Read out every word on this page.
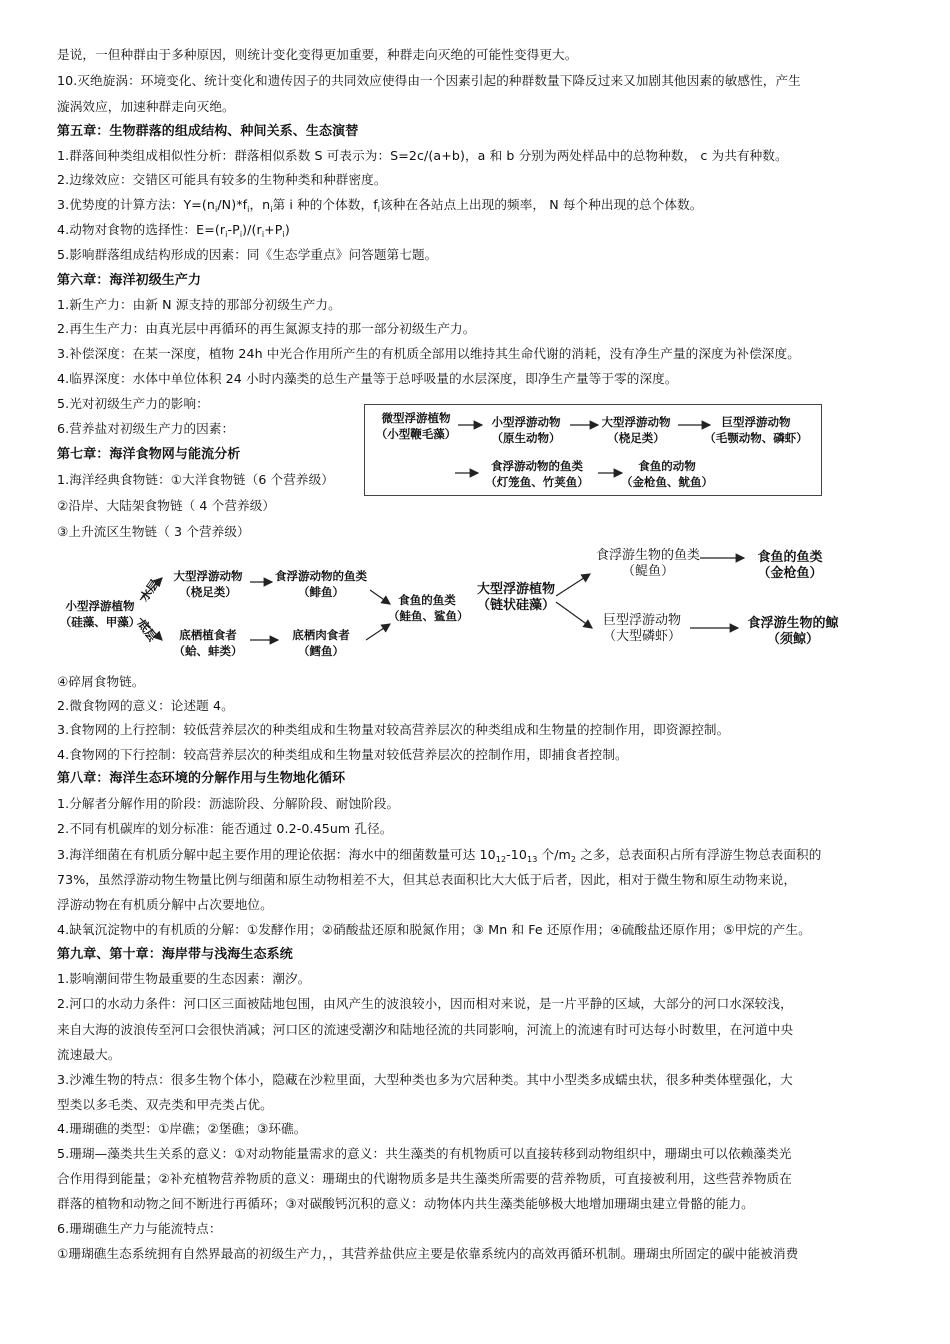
是说，一但种群由于多种原因，则统计变化变得更加重要，种群走向灭绝的可能性变得更大。

10.灭绝旋涡：环境变化、统计变化和遗传因子的共同效应使得由一个因素引起的种群数量下降反过来又加剧其他因素的敏感性，产生

漩涡效应，加速种群走向灭绝。

第五章：生物群落的组成结构、种间关系、生态演替

1.群落间种类组成相似性分析：群落相似系数 S 可表示为：S=2c/(a+b)，a 和 b 分别为两处样品中的总物种数， c 为共有种数。

2.边缘效应：交错区可能具有较多的生物种类和种群密度。

3.优势度的计算方法：$Y=(n_i/N)*f_i$，$n_i$第 i 种的个体数，$f_i$该种在各站点上出现的频率， N 每个种出现的总个体数。

4.动物对食物的选择性：$E=(r_i-P_i)/(r_i+P_i)$

5.影响群落组成结构形成的因素：同《生态学重点》问答题第七题。

第六章：海洋初级生产力

1.新生产力：由新 N 源支持的那部分初级生产力。

2.再生生产力：由真光层中再循环的再生氮源支持的那一部分初级生产力。

3.补偿深度：在某一深度，植物 24h 中光合作用所产生的有机质全部用以维持其生命代谢的消耗，没有净生产量的深度为补偿深度。

4.临界深度：水体中单位体积 24 小时内藻类的总生产量等于总呼吸量的水层深度，即净生产量等于零的深度。

5.光对初级生产力的影响：

6.营养盐对初级生产力的因素：

第七章：海洋食物网与能流分析

1.海洋经典食物链：①大洋食物链（6 个营养级）

②沿岸、大陆架食物链（ 4 个营养级）

③上升流区生物链（ 3 个营养级）

微型浮游植物
（小型鞭毛藻）
小型浮游动物
（原生动物）
大型浮游动物
（桡足类）
巨型浮游动物
（毛颚动物、磷虾）
食浮游动物的鱼类
（灯笼鱼、竹荚鱼）
食鱼的动物
（金枪鱼、鱿鱼）
小型浮游植物
（硅藻、甲藻）
水层
底层
大型浮游动物
（桡足类）
食浮游动物的鱼类
（鲱鱼）
底栖植食者
（蛤、蚌类）
底栖肉食者
（鳕鱼）
食鱼的鱼类
（鲑鱼、鲨鱼）
大型浮游植物
（链状硅藻）
食浮游生物的鱼类
（鳀鱼）
食鱼的鱼类
（金枪鱼）
巨型浮游动物
（大型磷虾）
食浮游生物的鲸
（须鲸）

④碎屑食物链。

2.微食物网的意义：论述题 4。

3.食物网的上行控制：较低营养层次的种类组成和生物量对较高营养层次的种类组成和生物量的控制作用，即资源控制。

4.食物网的下行控制：较高营养层次的种类组成和生物量对较低营养层次的控制作用，即捕食者控制。

第八章：海洋生态环境的分解作用与生物地化循环

1.分解者分解作用的阶段：沥滤阶段、分解阶段、耐蚀阶段。

2.不同有机碳库的划分标准：能否通过 0.2-0.45um 孔径。

3.海洋细菌在有机质分解中起主要作用的理论依据：海水中的细菌数量可达 $10_{12}-10_{13}$ 个$/m_2$ 之多，总表面积占所有浮游生物总表面积的

73%，虽然浮游动物生物量比例与细菌和原生动物相差不大，但其总表面积比大大低于后者，因此，相对于微生物和原生动物来说，

浮游动物在有机质分解中占次要地位。

4.缺氧沉淀物中的有机质的分解：①发酵作用；②硝酸盐还原和脱氮作用；③ Mn 和 Fe 还原作用；④硫酸盐还原作用；⑤甲烷的产生。

第九章、第十章：海岸带与浅海生态系统

1.影响潮间带生物最重要的生态因素：潮汐。

2.河口的水动力条件：河口区三面被陆地包围，由风产生的波浪较小，因而相对来说，是一片平静的区域，大部分的河口水深较浅，

来自大海的波浪传至河口会很快消减；河口区的流速受潮汐和陆地径流的共同影响，河流上的流速有时可达每小时数里，在河道中央

流速最大。

3.沙滩生物的特点：很多生物个体小，隐藏在沙粒里面，大型种类也多为穴居种类。其中小型类多成蠕虫状，很多种类体壁强化，大

型类以多毛类、双壳类和甲壳类占优。

4.珊瑚礁的类型：①岸礁；②堡礁；③环礁。

5.珊瑚—藻类共生关系的意义：①对动物能量需求的意义：共生藻类的有机物质可以直接转移到动物组织中，珊瑚虫可以依赖藻类光

合作用得到能量；②补充植物营养物质的意义：珊瑚虫的代谢物质多是共生藻类所需要的营养物质，可直接被利用，这些营养物质在

群落的植物和动物之间不断进行再循环；③对碳酸钙沉积的意义：动物体内共生藻类能够极大地增加珊瑚虫建立骨骼的能力。

6.珊瑚礁生产力与能流特点：

①珊瑚礁生态系统拥有自然界最高的初级生产力，，其营养盐供应主要是依靠系统内的高效再循环机制。珊瑚虫所固定的碳中能被消费
